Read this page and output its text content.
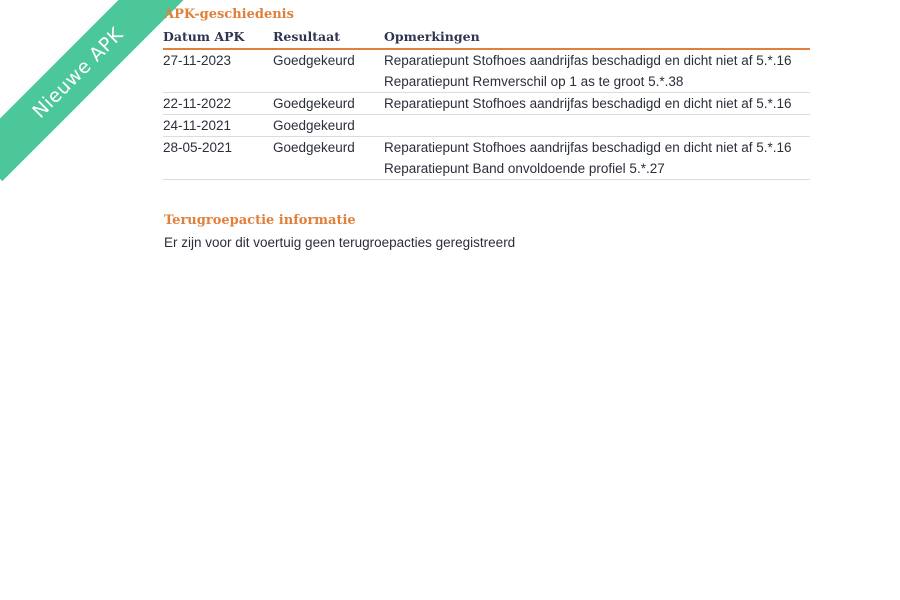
Nieuwe APK
APK-geschiedenis
Datum APK	Resultaat	Opmerkingen
27-11-2023	Goedgekeurd	Reparatiepunt Stofhoes aandrijfas beschadigd en dicht niet af 5.*.16
Reparatiepunt Remverschil op 1 as te groot 5.*.38

22-11-2022	Goedgekeurd	Reparatiepunt Stofhoes aandrijfas beschadigd en dicht niet af 5.*.16

24-11-2021	Goedgekeurd	
28-05-2021	Goedgekeurd	Reparatiepunt Stofhoes aandrijfas beschadigd en dicht niet af 5.*.16
Reparatiepunt Band onvoldoende profiel 5.*.27
Terugroepactie informatie
Er zijn voor dit voertuig geen terugroepacties geregistreerd
